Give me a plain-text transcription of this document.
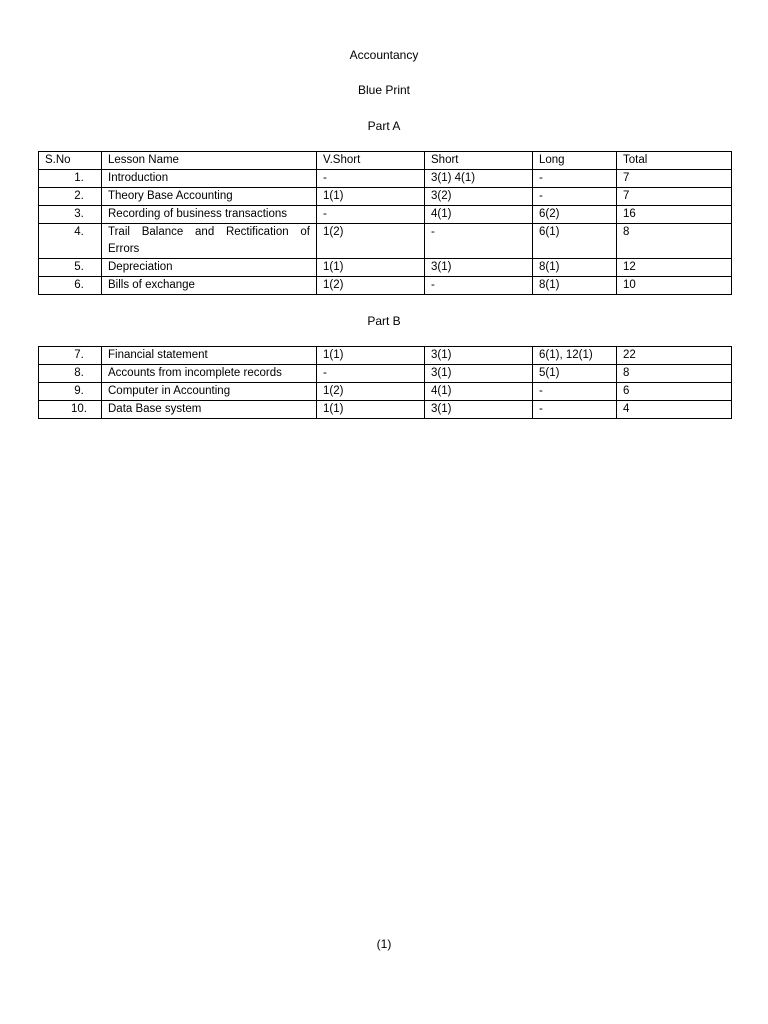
Accountancy
Blue Print
Part A
S.No	Lesson Name	V.Short	Short	Long	Total
1.	Introduction	-	3(1) 4(1)	-	7
2.	Theory Base Accounting	1(1)	3(2)	-	7
3.	Recording of business transactions	-	4(1)	6(2)	16
4.	Trail Balance and Rectification of Errors	1(2)	-	6(1)	8
5.	Depreciation	1(1)	3(1)	8(1)	12
6.	Bills of exchange	1(2)	-	8(1)	10
Part B
7.	Financial statement	1(1)	3(1)	6(1), 12(1)	22
8.	Accounts from incomplete records	-	3(1)	5(1)	8
9.	Computer in Accounting	1(2)	4(1)	-	6
10.	Data Base system	1(1)	3(1)	-	4
(1)
